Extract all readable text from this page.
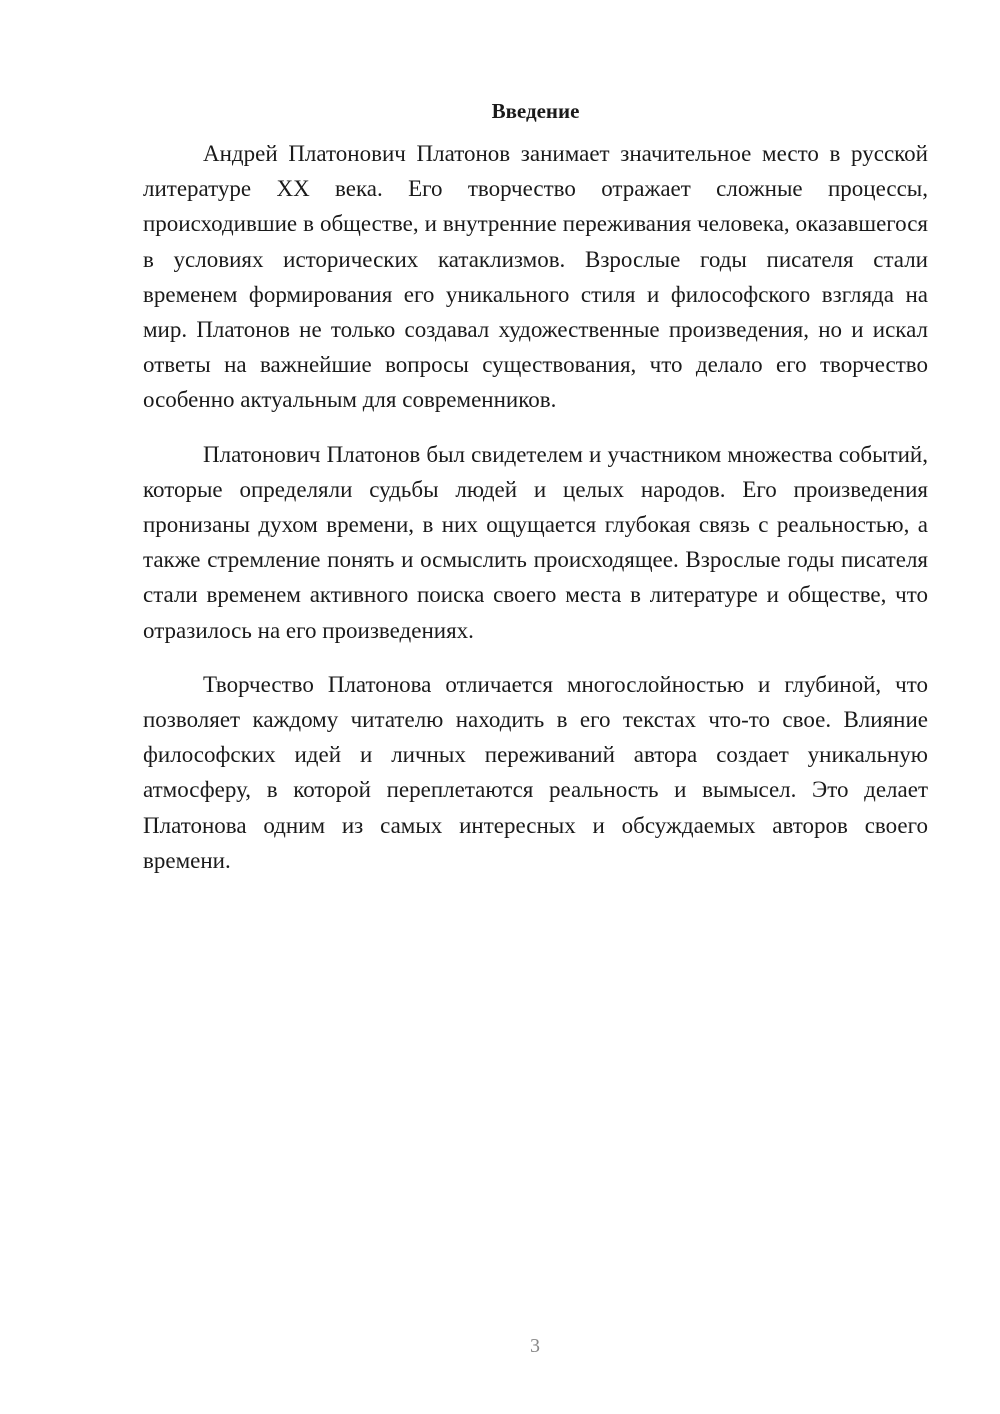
Введение

Андрей Платонович Платонов занимает значительное место в русской литературе XX века. Его творчество отражает сложные процессы, происходившие в обществе, и внутренние переживания человека, оказавшегося в условиях исторических катаклизмов. Взрослые годы писателя стали временем формирования его уникального стиля и философского взгляда на мир. Платонов не только создавал художественные произведения, но и искал ответы на важнейшие вопросы существования, что делало его творчество особенно актуальным для современников.

Платонович Платонов был свидетелем и участником множества событий, которые определяли судьбы людей и целых народов. Его произведения пронизаны духом времени, в них ощущается глубокая связь с реальностью, а также стремление понять и осмыслить происходящее. Взрослые годы писателя стали временем активного поиска своего места в литературе и обществе, что отразилось на его произведениях.

Творчество Платонова отличается многослойностью и глубиной, что позволяет каждому читателю находить в его текстах что-то свое. Влияние философских идей и личных переживаний автора создает уникальную атмосферу, в которой переплетаются реальность и вымысел. Это делает Платонова одним из самых интересных и обсуждаемых авторов своего времени.

3
